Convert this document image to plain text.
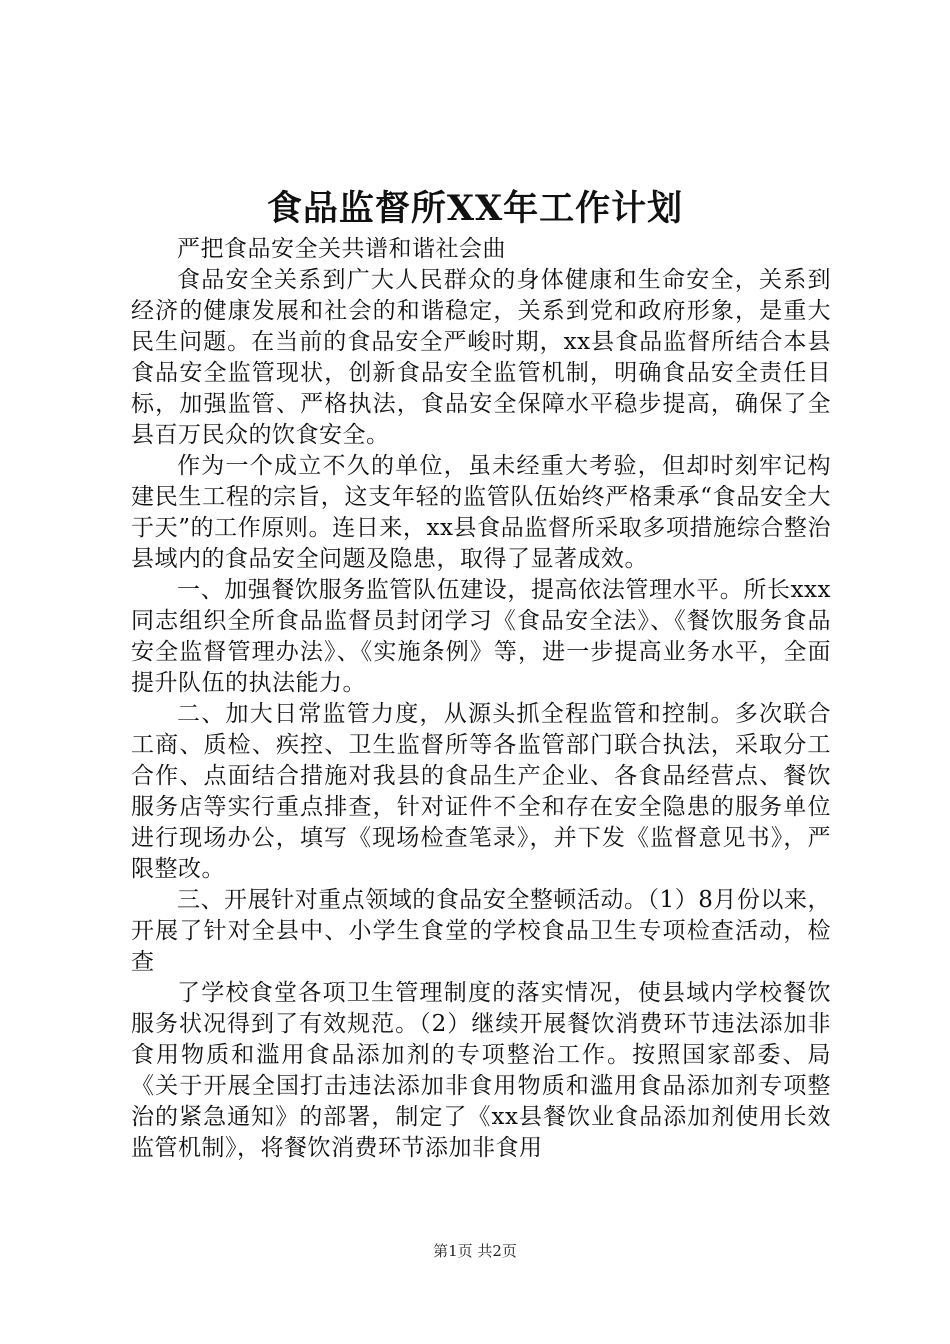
食品监督所XX年工作计划

严把食品安全关共谱和谐社会曲

食品安全关系到广大人民群众的身体健康和生命安全，关系到经济的健康发展和社会的和谐稳定，关系到党和政府形象，是重大民生问题。在当前的食品安全严峻时期，xx县食品监督所结合本县食品安全监管现状，创新食品安全监管机制，明确食品安全责任目标，加强监管、严格执法，食品安全保障水平稳步提高，确保了全县百万民众的饮食安全。

作为一个成立不久的单位，虽未经重大考验，但却时刻牢记构建民生工程的宗旨，这支年轻的监管队伍始终严格秉承“食品安全大于天”的工作原则。连日来，xx县食品监督所采取多项措施综合整治县域内的食品安全问题及隐患，取得了显著成效。

一、加强餐饮服务监管队伍建设，提高依法管理水平。所长xxx同志组织全所食品监督员封闭学习《食品安全法》、《餐饮服务食品安全监督管理办法》、《实施条例》等，进一步提高业务水平，全面提升队伍的执法能力。

二、加大日常监管力度，从源头抓全程监管和控制。多次联合工商、质检、疾控、卫生监督所等各监管部门联合执法，采取分工合作、点面结合措施对我县的食品生产企业、各食品经营点、餐饮服务店等实行重点排查，针对证件不全和存在安全隐患的服务单位进行现场办公，填写《现场检查笔录》，并下发《监督意见书》，严限整改。

三、开展针对重点领域的食品安全整顿活动。（1）8月份以来，开展了针对全县中、小学生食堂的学校食品卫生专项检查活动，检查

了学校食堂各项卫生管理制度的落实情况，使县域内学校餐饮服务状况得到了有效规范。（2）继续开展餐饮消费环节违法添加非食用物质和滥用食品添加剂的专项整治工作。按照国家部委、局《关于开展全国打击违法添加非食用物质和滥用食品添加剂专项整治的紧急通知》的部署，制定了《xx县餐饮业食品添加剂使用长效监管机制》，将餐饮消费环节添加非食用

第1页 共2页
